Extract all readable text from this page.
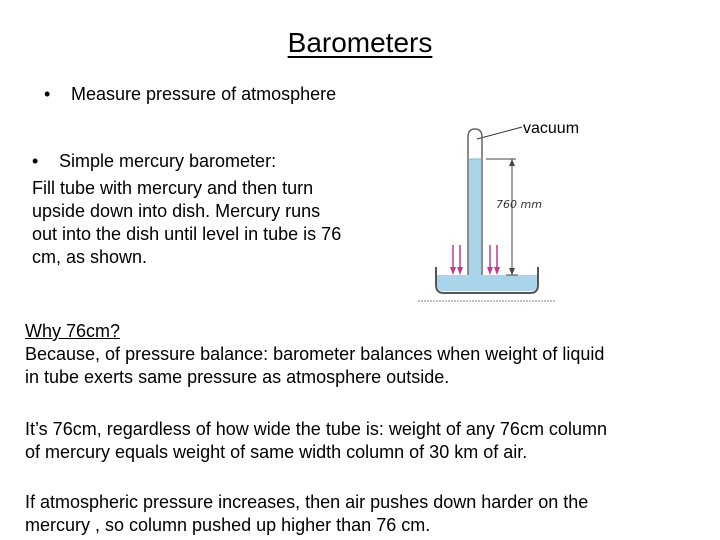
Barometers
• Measure pressure of atmosphere
• Simple mercury barometer:
Fill tube with mercury and then turn
upside down into dish. Mercury runs
out into the dish until level in tube is 76
cm, as shown.
760 mm
vacuum
Why 76cm?
Because, of pressure balance: barometer balances when weight of liquid
in tube exerts same pressure as atmosphere outside.
It’s 76cm, regardless of how wide the tube is: weight of any 76cm column
of mercury equals weight of same width column of 30 km of air.
If atmospheric pressure increases, then air pushes down harder on the
mercury , so column pushed up higher than 76 cm.
